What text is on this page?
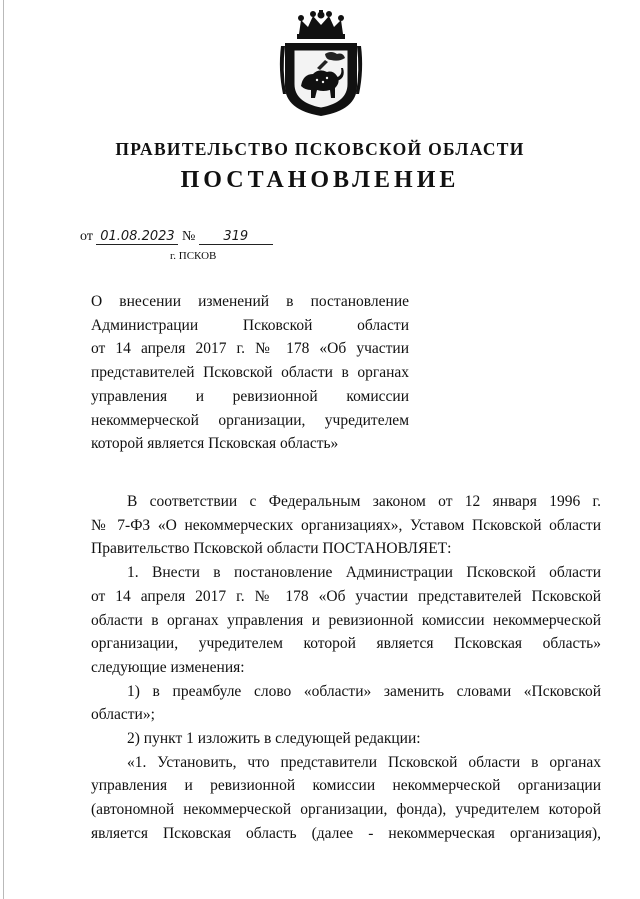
ПРАВИТЕЛЬСТВО ПСКОВСКОЙ ОБЛАСТИ
ПОСТАНОВЛЕНИЕ
от 01.08.2023 № 319
г. ПСКОВ
О внесении изменений в постановление
Администрации Псковской области
от 14 апреля 2017 г. № 178 «Об участии
представителей Псковской области в органах
управления и ревизионной комиссии
некоммерческой организации, учредителем
которой является Псковская область»
В соответствии с Федеральным законом от 12 января 1996 г.
№ 7-ФЗ «О некоммерческих организациях», Уставом Псковской области
Правительство Псковской области ПОСТАНОВЛЯЕТ:
1. Внести в постановление Администрации Псковской области
от 14 апреля 2017 г. № 178 «Об участии представителей Псковской
области в органах управления и ревизионной комиссии некоммерческой
организации, учредителем которой является Псковская область»
следующие изменения:
1) в преамбуле слово «области» заменить словами «Псковской
области»;
2) пункт 1 изложить в следующей редакции:
«1. Установить, что представители Псковской области в органах
управления и ревизионной комиссии некоммерческой организации
(автономной некоммерческой организации, фонда), учредителем которой
является Псковская область (далее - некоммерческая организация),
